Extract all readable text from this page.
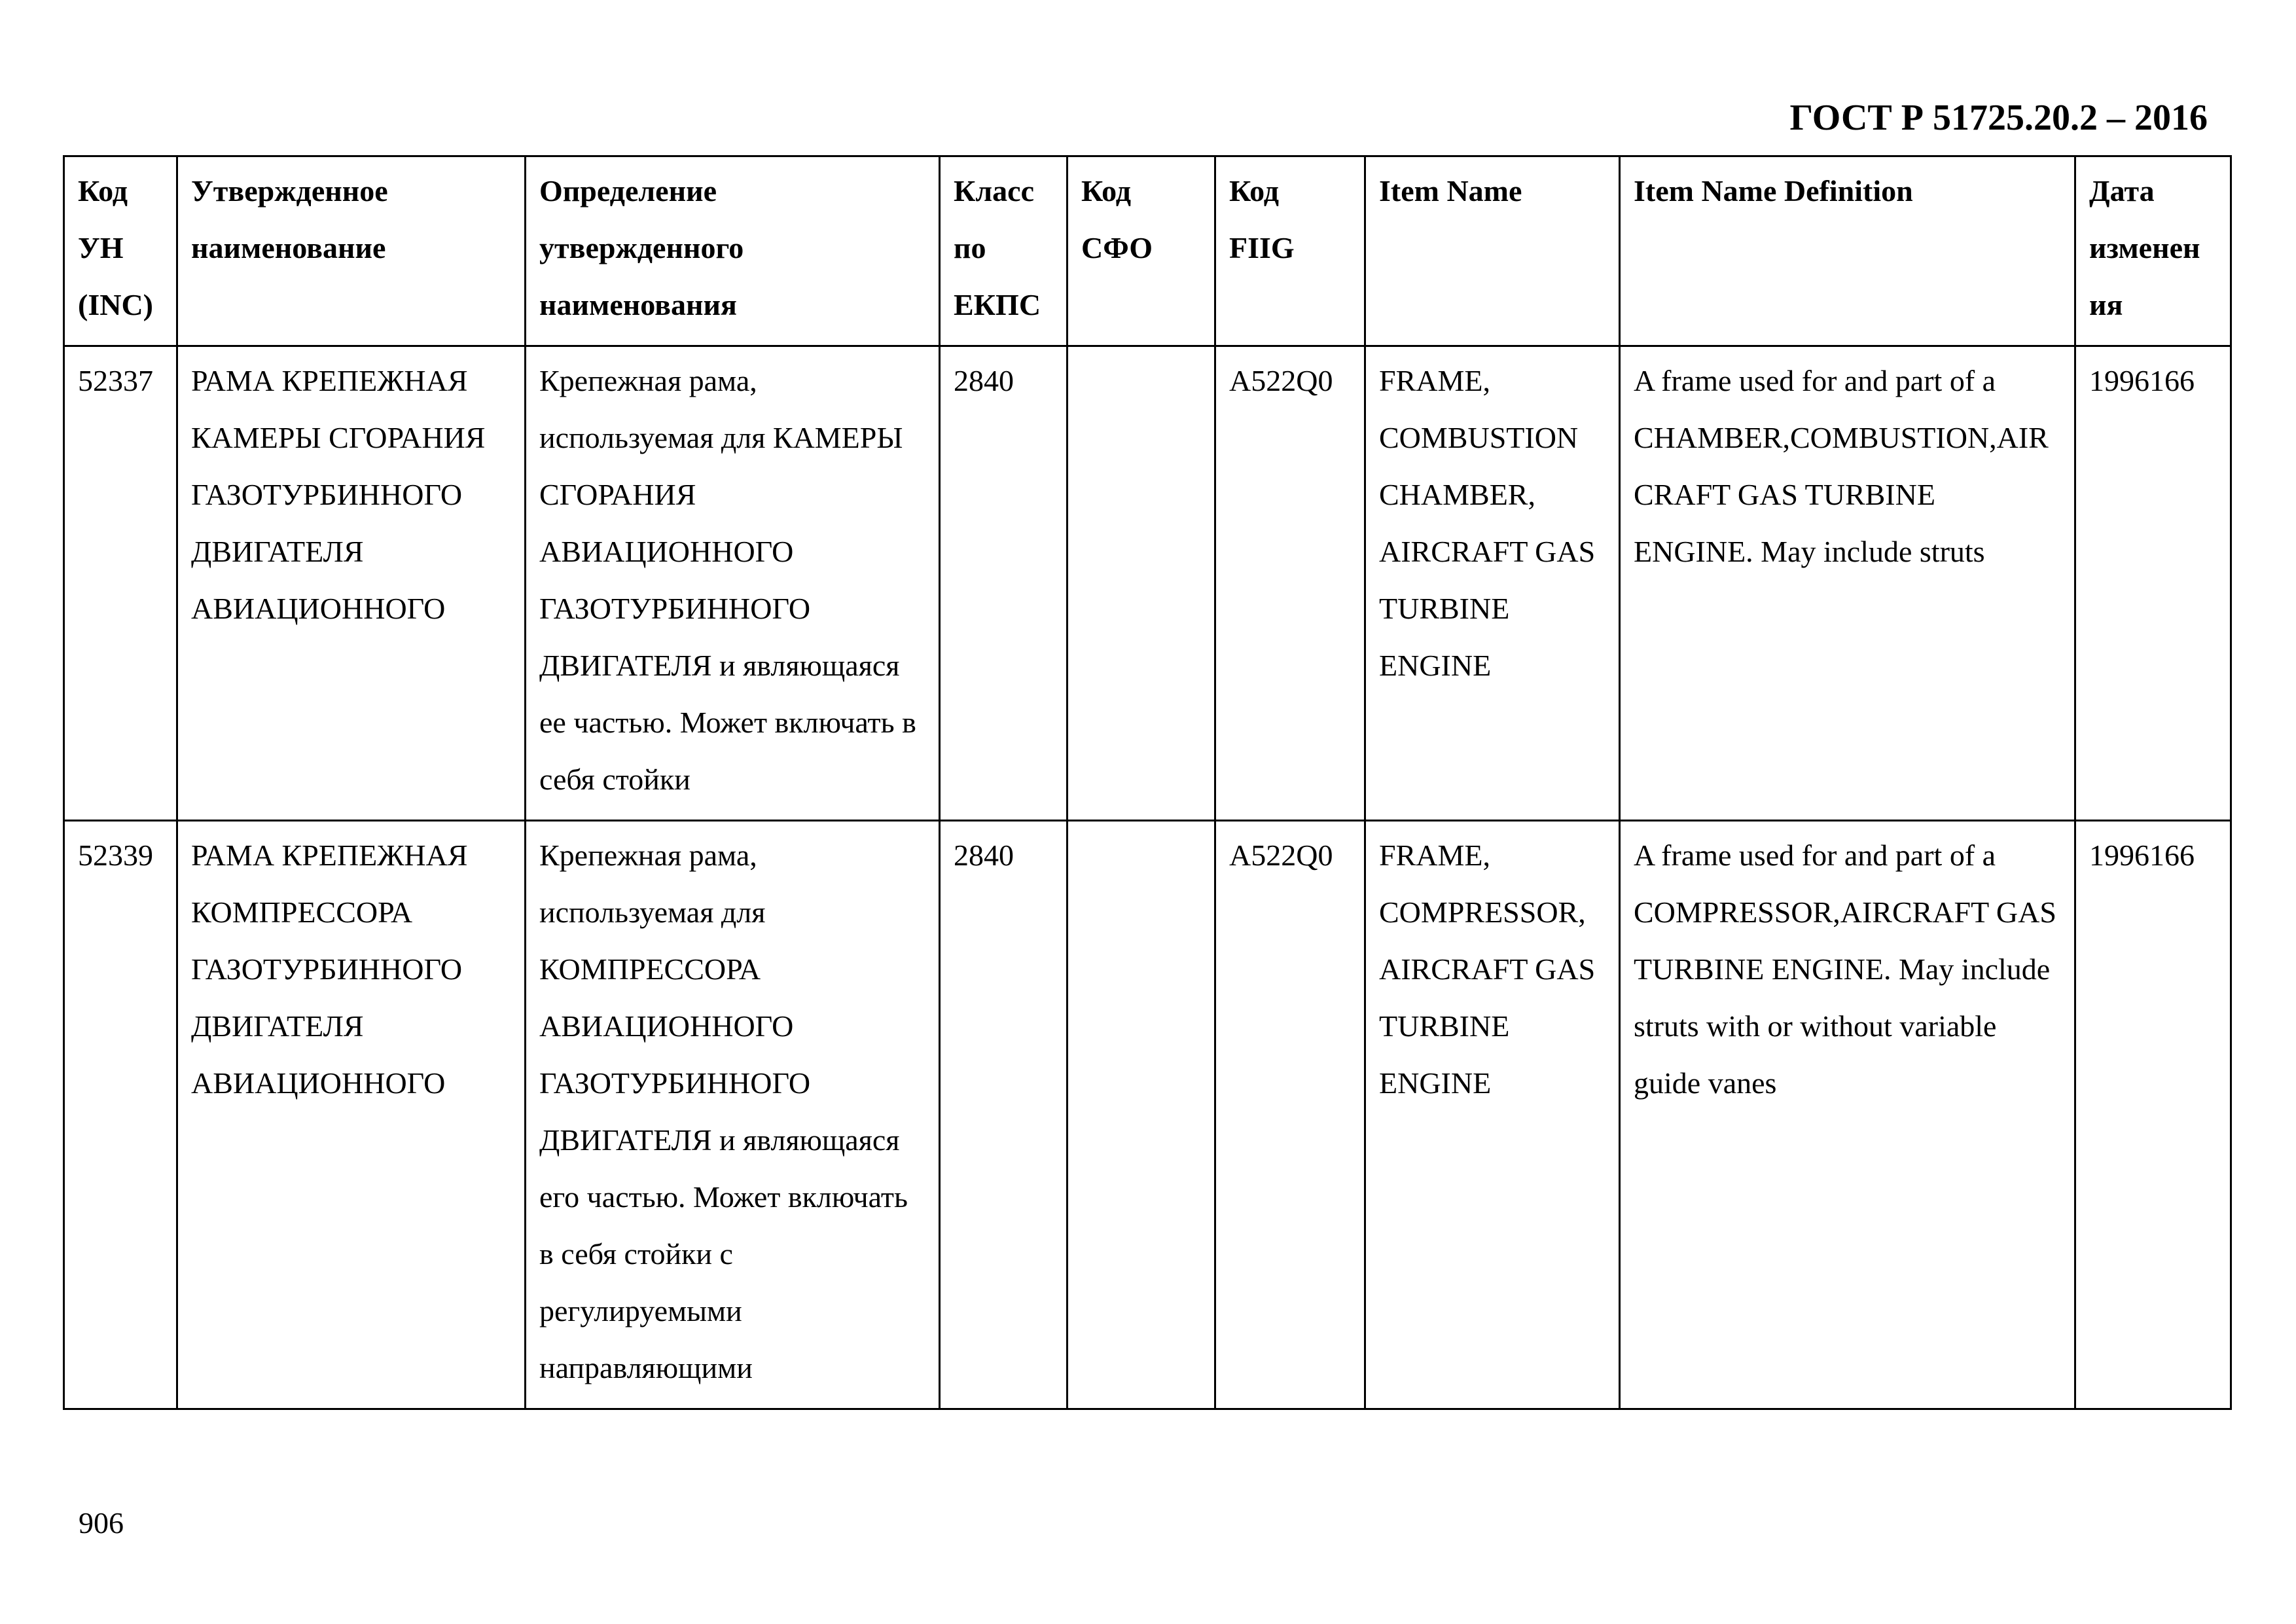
ГОСТ Р 51725.20.2 – 2016
Код УН (INC)	Утвержденное наименование	Определение утвержденного наименования	Класс по ЕКПС	Код СФО	Код FIIG	Item Name	Item Name Definition	Дата изменения
52337	РАМА КРЕПЕЖНАЯ КАМЕРЫ СГОРАНИЯ ГАЗОТУРБИННОГО ДВИГАТЕЛЯ АВИАЦИОННОГО	Крепежная рама, используемая для КАМЕРЫ СГОРАНИЯ АВИАЦИОННОГО ГАЗОТУРБИННОГО ДВИГАТЕЛЯ и являющаяся ее частью. Может включать в себя стойки	2840		A522Q0	FRAME, COMBUSTION CHAMBER, AIRCRAFT GAS TURBINE ENGINE	A frame used for and part of a CHAMBER,COMBUSTION,AIRCRAFT GAS TURBINE ENGINE. May include struts	1996166
52339	РАМА КРЕПЕЖНАЯ КОМПРЕССОРА ГАЗОТУРБИННОГО ДВИГАТЕЛЯ АВИАЦИОННОГО	Крепежная рама, используемая для КОМПРЕССОРА АВИАЦИОННОГО ГАЗОТУРБИННОГО ДВИГАТЕЛЯ и являющаяся его частью. Может включать в себя стойки с регулируемыми направляющими	2840		A522Q0	FRAME, COMPRESSOR, AIRCRAFT GAS TURBINE ENGINE	A frame used for and part of a COMPRESSOR,AIRCRAFT GAS TURBINE ENGINE. May include struts with or without variable guide vanes	1996166
906
